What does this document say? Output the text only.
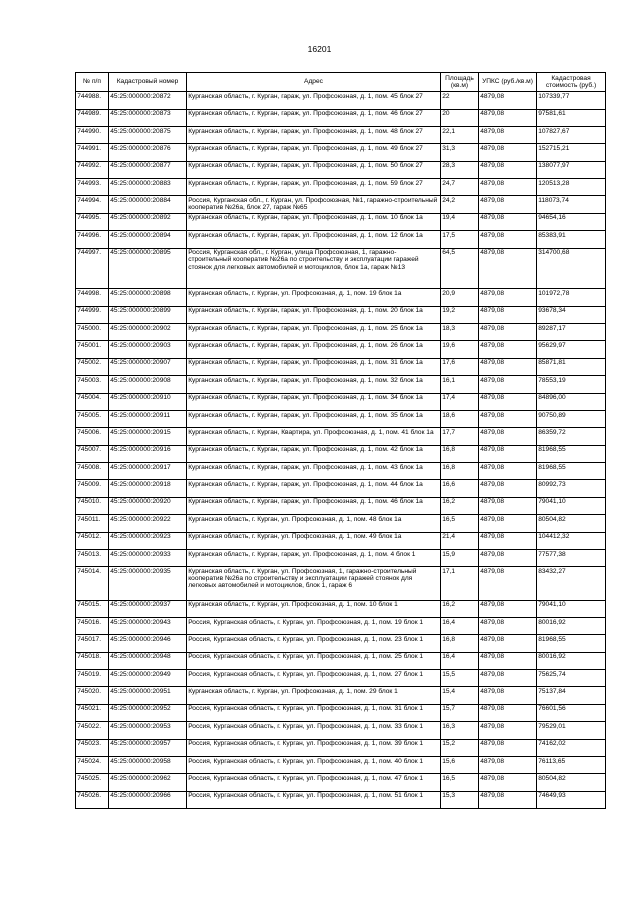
16201
№ п/п	Кадастровый номер	Адрес	Площадь (кв.м)	УПКС (руб./кв.м)	Кадастровая стоимость (руб.)
744988.	45:25:000000:20872	Курганская область, г. Курган, гараж, ул. Профсоюзная, д. 1, пом. 45 блок 27	22	4879,08	107339,77
744989.	45:25:000000:20873	Курганская область, г. Курган, гараж, ул. Профсоюзная, д. 1, пом. 46 блок 27	20	4879,08	97581,61
744990.	45:25:000000:20875	Курганская область, г. Курган, гараж, ул. Профсоюзная, д. 1, пом. 48 блок 27	22,1	4879,08	107827,67
744991.	45:25:000000:20876	Курганская область, г. Курган, гараж, ул. Профсоюзная, д. 1, пом. 49 блок 27	31,3	4879,08	152715,21
744992.	45:25:000000:20877	Курганская область, г. Курган, гараж, ул. Профсоюзная, д. 1, пом. 50 блок 27	28,3	4879,08	138077,97
744993.	45:25:000000:20883	Курганская область, г. Курган, гараж, ул. Профсоюзная, д. 1, пом. 59 блок 27	24,7	4879,08	120513,28
744994.	45:25:000000:20884	Россия, Курганская обл., г. Курган, ул. Профсоюзная, №1, гаражно-строительный кооператив №26а, блок 27, гараж №65	24,2	4879,08	118073,74
744995.	45:25:000000:20892	Курганская область, г. Курган, гараж, ул. Профсоюзная, д. 1, пом. 10 блок 1а	19,4	4879,08	94654,16
744996.	45:25:000000:20894	Курганская область, г. Курган, гараж, ул. Профсоюзная, д. 1, пом. 12 блок 1а	17,5	4879,08	85383,91
744997.	45:25:000000:20895	Россия, Курганская обл., г. Курган, улица Профсоюзная, 1, гаражно-строительный кооператив №26а по строительству и эксплуатации гаражей стоянок для легковых автомобилей и мотоциклов, блок 1а, гараж №13	64,5	4879,08	314700,68
744998.	45:25:000000:20898	Курганская область, г. Курган, ул. Профсоюзная, д. 1, пом. 19 блок 1а	20,9	4879,08	101972,78
744999.	45:25:000000:20899	Курганская область, г. Курган, гараж, ул. Профсоюзная, д. 1, пом. 20 блок 1а	19,2	4879,08	93678,34
745000.	45:25:000000:20902	Курганская область, г. Курган, гараж, ул. Профсоюзная, д. 1, пом. 25 блок 1а	18,3	4879,08	89287,17
745001.	45:25:000000:20903	Курганская область, г. Курган, гараж, ул. Профсоюзная, д. 1, пом. 26 блок 1а	19,6	4879,08	95629,97
745002.	45:25:000000:20907	Курганская область, г. Курган, гараж, ул. Профсоюзная, д. 1, пом. 31 блок 1а	17,6	4879,08	85871,81
745003.	45:25:000000:20908	Курганская область, г. Курган, гараж, ул. Профсоюзная, д. 1, пом. 32 блок 1а	16,1	4879,08	78553,19
745004.	45:25:000000:20910	Курганская область, г. Курган, гараж, ул. Профсоюзная, д. 1, пом. 34 блок 1а	17,4	4879,08	84896,00
745005.	45:25:000000:20911	Курганская область, г. Курган, гараж, ул. Профсоюзная, д. 1, пом. 35 блок 1а	18,6	4879,08	90750,89
745006.	45:25:000000:20915	Курганская область, г. Курган, Квартира, ул. Профсоюзная, д. 1, пом. 41 блок 1а	17,7	4879,08	86359,72
745007.	45:25:000000:20916	Курганская область, г. Курган, гараж, ул. Профсоюзная, д. 1, пом. 42 блок 1а	16,8	4879,08	81968,55
745008.	45:25:000000:20917	Курганская область, г. Курган, гараж, ул. Профсоюзная, д. 1, пом. 43 блок 1а	16,8	4879,08	81968,55
745009.	45:25:000000:20918	Курганская область, г. Курган, гараж, ул. Профсоюзная, д. 1, пом. 44 блок 1а	16,6	4879,08	80992,73
745010.	45:25:000000:20920	Курганская область, г. Курган, гараж, ул. Профсоюзная, д. 1, пом. 46 блок 1а	16,2	4879,08	79041,10
745011.	45:25:000000:20922	Курганская область, г. Курган, ул. Профсоюзная, д. 1, пом. 48 блок 1а	16,5	4879,08	80504,82
745012.	45:25:000000:20923	Курганская область, г. Курган, ул. Профсоюзная, д. 1, пом. 49 блок 1а	21,4	4879,08	104412,32
745013.	45:25:000000:20933	Курганская область, г. Курган, гараж, ул. Профсоюзная, д. 1, пом. 4 блок 1	15,9	4879,08	77577,38
745014.	45:25:000000:20935	Курганская область, г. Курган, ул. Профсоюзная, 1, гаражно-строительный кооператив №26а по строительству и эксплуатации гаражей стоянок для легковых автомобилей и мотоциклов, блок 1, гараж 6	17,1	4879,08	83432,27
745015.	45:25:000000:20937	Курганская область, г. Курган, ул. Профсоюзная, д. 1, пом. 10 блок 1	16,2	4879,08	79041,10
745016.	45:25:000000:20943	Россия, Курганская область, г. Курган, ул. Профсоюзная, д. 1, пом. 19 блок 1	16,4	4879,08	80016,92
745017.	45:25:000000:20946	Россия, Курганская область, г. Курган, ул. Профсоюзная, д. 1, пом. 23 блок 1	16,8	4879,08	81968,55
745018.	45:25:000000:20948	Россия, Курганская область, г. Курган, ул. Профсоюзная, д. 1, пом. 25 блок 1	16,4	4879,08	80016,92
745019.	45:25:000000:20949	Россия, Курганская область, г. Курган, ул. Профсоюзная, д. 1, пом. 27 блок 1	15,5	4879,08	75625,74
745020.	45:25:000000:20951	Курганская область, г. Курган, ул. Профсоюзная, д. 1, пом. 29 блок 1	15,4	4879,08	75137,84
745021.	45:25:000000:20952	Россия, Курганская область, г. Курган, ул. Профсоюзная, д. 1, пом. 31 блок 1	15,7	4879,08	76601,56
745022.	45:25:000000:20953	Россия, Курганская область, г. Курган, ул. Профсоюзная, д. 1, пом. 33 блок 1	16,3	4879,08	79529,01
745023.	45:25:000000:20957	Россия, Курганская область, г. Курган, ул. Профсоюзная, д. 1, пом. 39 блок 1	15,2	4879,08	74162,02
745024.	45:25:000000:20958	Россия, Курганская область, г. Курган, ул. Профсоюзная, д. 1, пом. 40 блок 1	15,6	4879,08	76113,65
745025.	45:25:000000:20962	Россия, Курганская область, г. Курган, ул. Профсоюзная, д. 1, пом. 47 блок 1	16,5	4879,08	80504,82
745026.	45:25:000000:20966	Россия, Курганская область, г. Курган, ул. Профсоюзная, д. 1, пом. 51 блок 1	15,3	4879,08	74649,93
